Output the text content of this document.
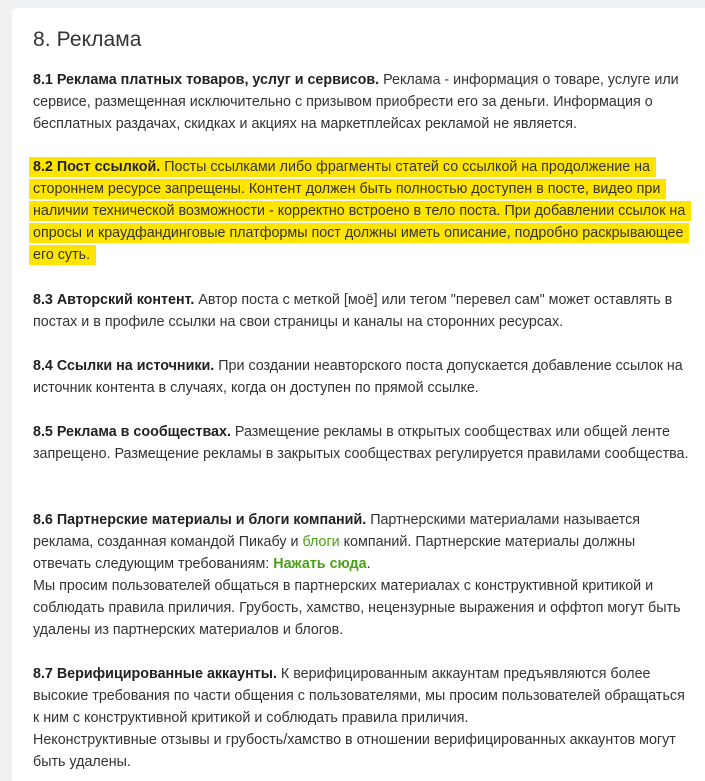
8. Реклама

8.1 Реклама платных товаров, услуг и сервисов. Реклама - информация о товаре, услуге или сервисе, размещенная исключительно с призывом приобрести его за деньги. Информация о бесплатных раздачах, скидках и акциях на маркетплейсах рекламой не является.

8.2 Пост ссылкой. Посты ссылками либо фрагменты статей со ссылкой на продолжение на стороннем ресурсе запрещены. Контент должен быть полностью доступен в посте, видео при наличии технической возможности - корректно встроено в тело поста. При добавлении ссылок на опросы и краудфандинговые платформы пост должны иметь описание, подробно раскрывающее его суть.

8.3 Авторский контент. Автор поста с меткой [моё] или тегом "перевел сам" может оставлять в постах и в профиле ссылки на свои страницы и каналы на сторонних ресурсах.

8.4 Ссылки на источники. При создании неавторского поста допускается добавление ссылок на источник контента в случаях, когда он доступен по прямой ссылке.

8.5 Реклама в сообществах. Размещение рекламы в открытых сообществах или общей ленте запрещено. Размещение рекламы в закрытых сообществах регулируется правилами сообщества.

8.6 Партнерские материалы и блоги компаний. Партнерскими материалами называется реклама, созданная командой Пикабу и блоги компаний. Партнерские материалы должны отвечать следующим требованиям: Нажать сюда.

Мы просим пользователей общаться в партнерских материалах с конструктивной критикой и соблюдать правила приличия. Грубость, хамство, нецензурные выражения и оффтоп могут быть удалены из партнерских материалов и блогов.

8.7 Верифицированные аккаунты. К верифицированным аккаунтам предъявляются более высокие требования по части общения с пользователями, мы просим пользователей обращаться к ним с конструктивной критикой и соблюдать правила приличия.

Неконструктивные отзывы и грубость/хамство в отношении верифицированных аккаунтов могут быть удалены.
